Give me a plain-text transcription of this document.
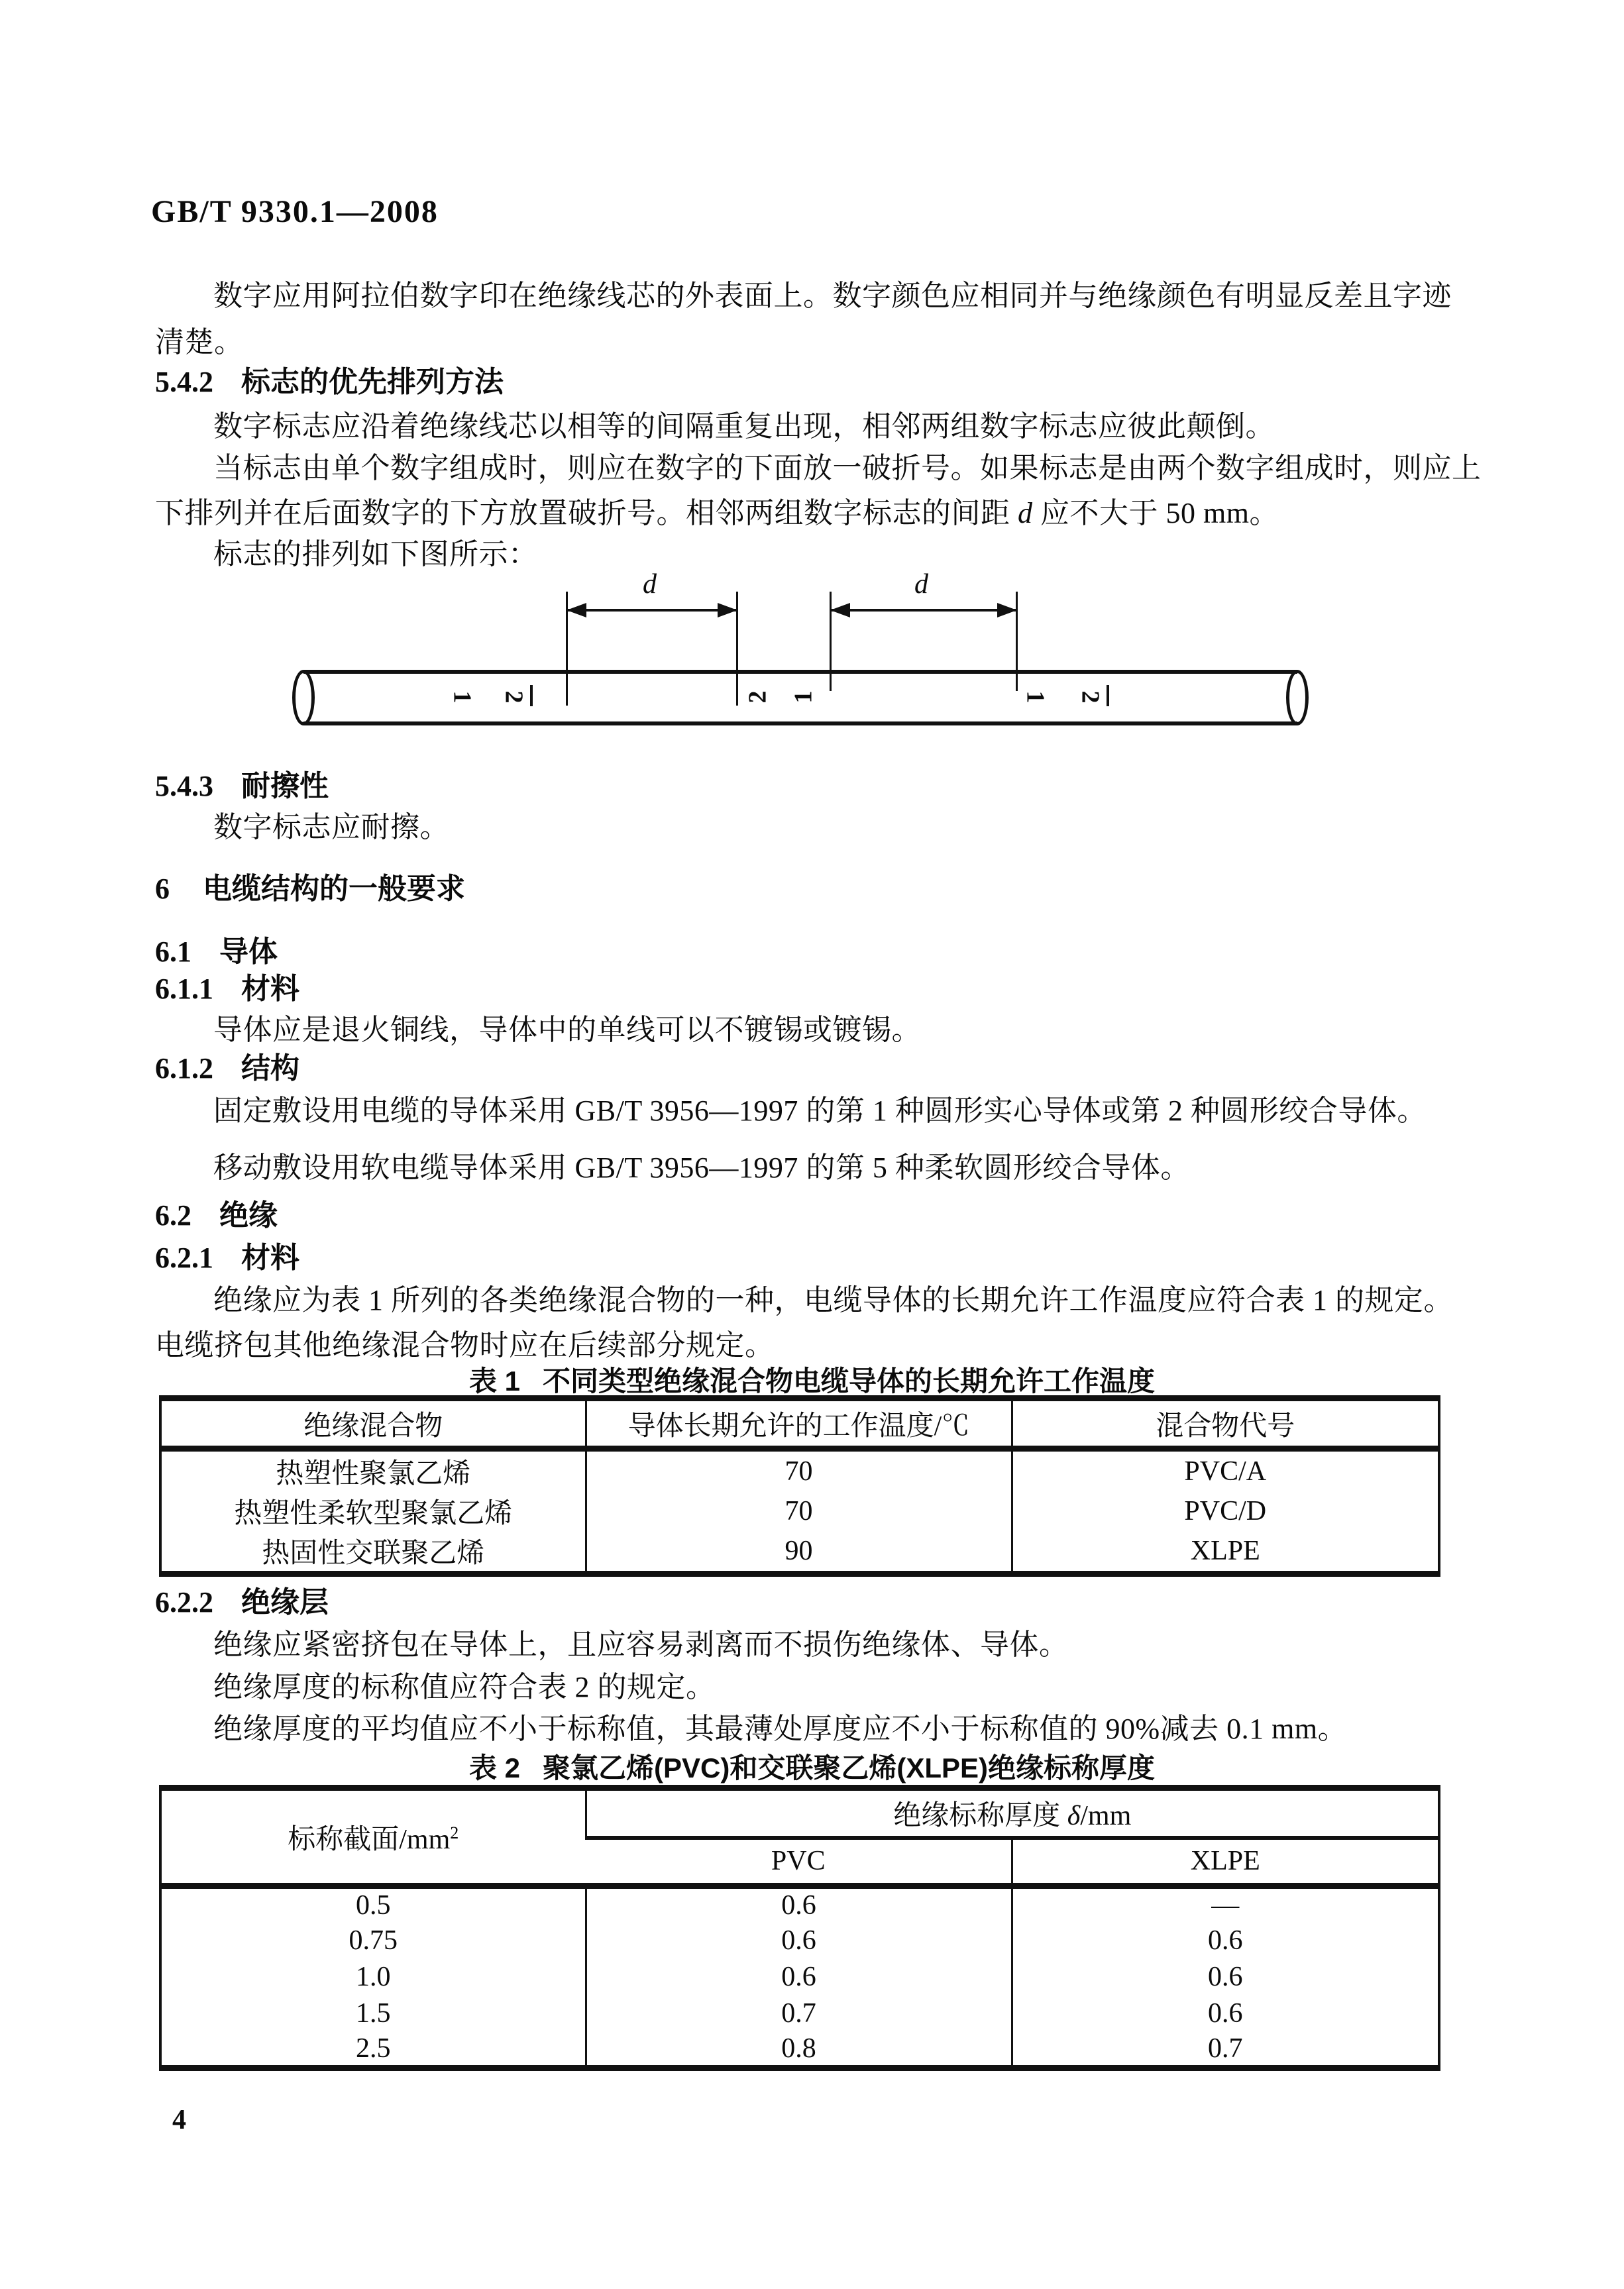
GB/T 9330.1—2008
数字应用阿拉伯数字印在绝缘线芯的外表面上。数字颜色应相同并与绝缘颜色有明显反差且字迹
清楚。
5.4.2 标志的优先排列方法
数字标志应沿着绝缘线芯以相等的间隔重复出现，相邻两组数字标志应彼此颠倒。
当标志由单个数字组成时，则应在数字的下面放一破折号。如果标志是由两个数字组成时，则应上
下排列并在后面数字的下方放置破折号。相邻两组数字标志的间距 d 应不大于 50 mm。
标志的排列如下图所示：
d	d
1 2	2 1	1 2
5.4.3 耐擦性
数字标志应耐擦。
6 电缆结构的一般要求
6.1 导体
6.1.1 材料
导体应是退火铜线，导体中的单线可以不镀锡或镀锡。
6.1.2 结构
固定敷设用电缆的导体采用 GB/T 3956—1997 的第 1 种圆形实心导体或第 2 种圆形绞合导体。
移动敷设用软电缆导体采用 GB/T 3956—1997 的第 5 种柔软圆形绞合导体。
6.2 绝缘
6.2.1 材料
绝缘应为表 1 所列的各类绝缘混合物的一种，电缆导体的长期允许工作温度应符合表 1 的规定。
电缆挤包其他绝缘混合物时应在后续部分规定。
表 1 不同类型绝缘混合物电缆导体的长期允许工作温度
绝缘混合物	导体长期允许的工作温度/℃	混合物代号
热塑性聚氯乙烯	70	PVC/A
热塑性柔软型聚氯乙烯	70	PVC/D
热固性交联聚乙烯	90	XLPE
6.2.2 绝缘层
绝缘应紧密挤包在导体上，且应容易剥离而不损伤绝缘体、导体。
绝缘厚度的标称值应符合表 2 的规定。
绝缘厚度的平均值应不小于标称值，其最薄处厚度应不小于标称值的 90%减去 0.1 mm。
表 2 聚氯乙烯(PVC)和交联聚乙烯(XLPE)绝缘标称厚度
标称截面$/mm^2$	绝缘标称厚度 δ/mm	
	PVC	XLPE
0.5	0.6	—
0.75	0.6	0.6
1.0	0.6	0.6
1.5	0.7	0.6
2.5	0.8	0.7
4
